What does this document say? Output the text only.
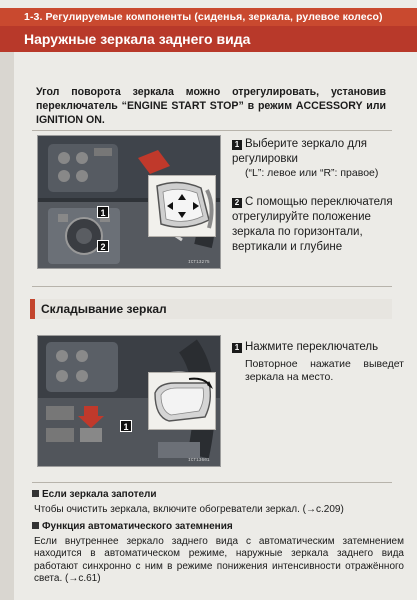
1-3. Регулируемые компоненты (сиденья, зеркала, рулевое колесо)
Наружные зеркала заднего вида
Угол поворота зеркала можно отрегулировать, установив переключатель “ENGINE START STOP” в режим ACCESSORY или IGNITION ON.
1
2
ICT13275
1 Выберите зеркало для регулировки
(“L”: левое или “R”: правое)
2 С помощью переключателя отрегулируйте положение зеркала по горизонтали, вертикали и глубине
Складывание зеркал
1
ICT13601
1 Нажмите переключатель
Повторное нажатие выведет зеркала на место.
Если зеркала запотели
Чтобы очистить зеркала, включите обогреватели зеркал. (→с.209)
Функция автоматического затемнения
Если внутреннее зеркало заднего вида с автоматическим затемнением находится в автоматическом режиме, наружные зеркала заднего вида работают синхронно с ним в режиме понижения интенсивности отражённого света. (→с.61)
